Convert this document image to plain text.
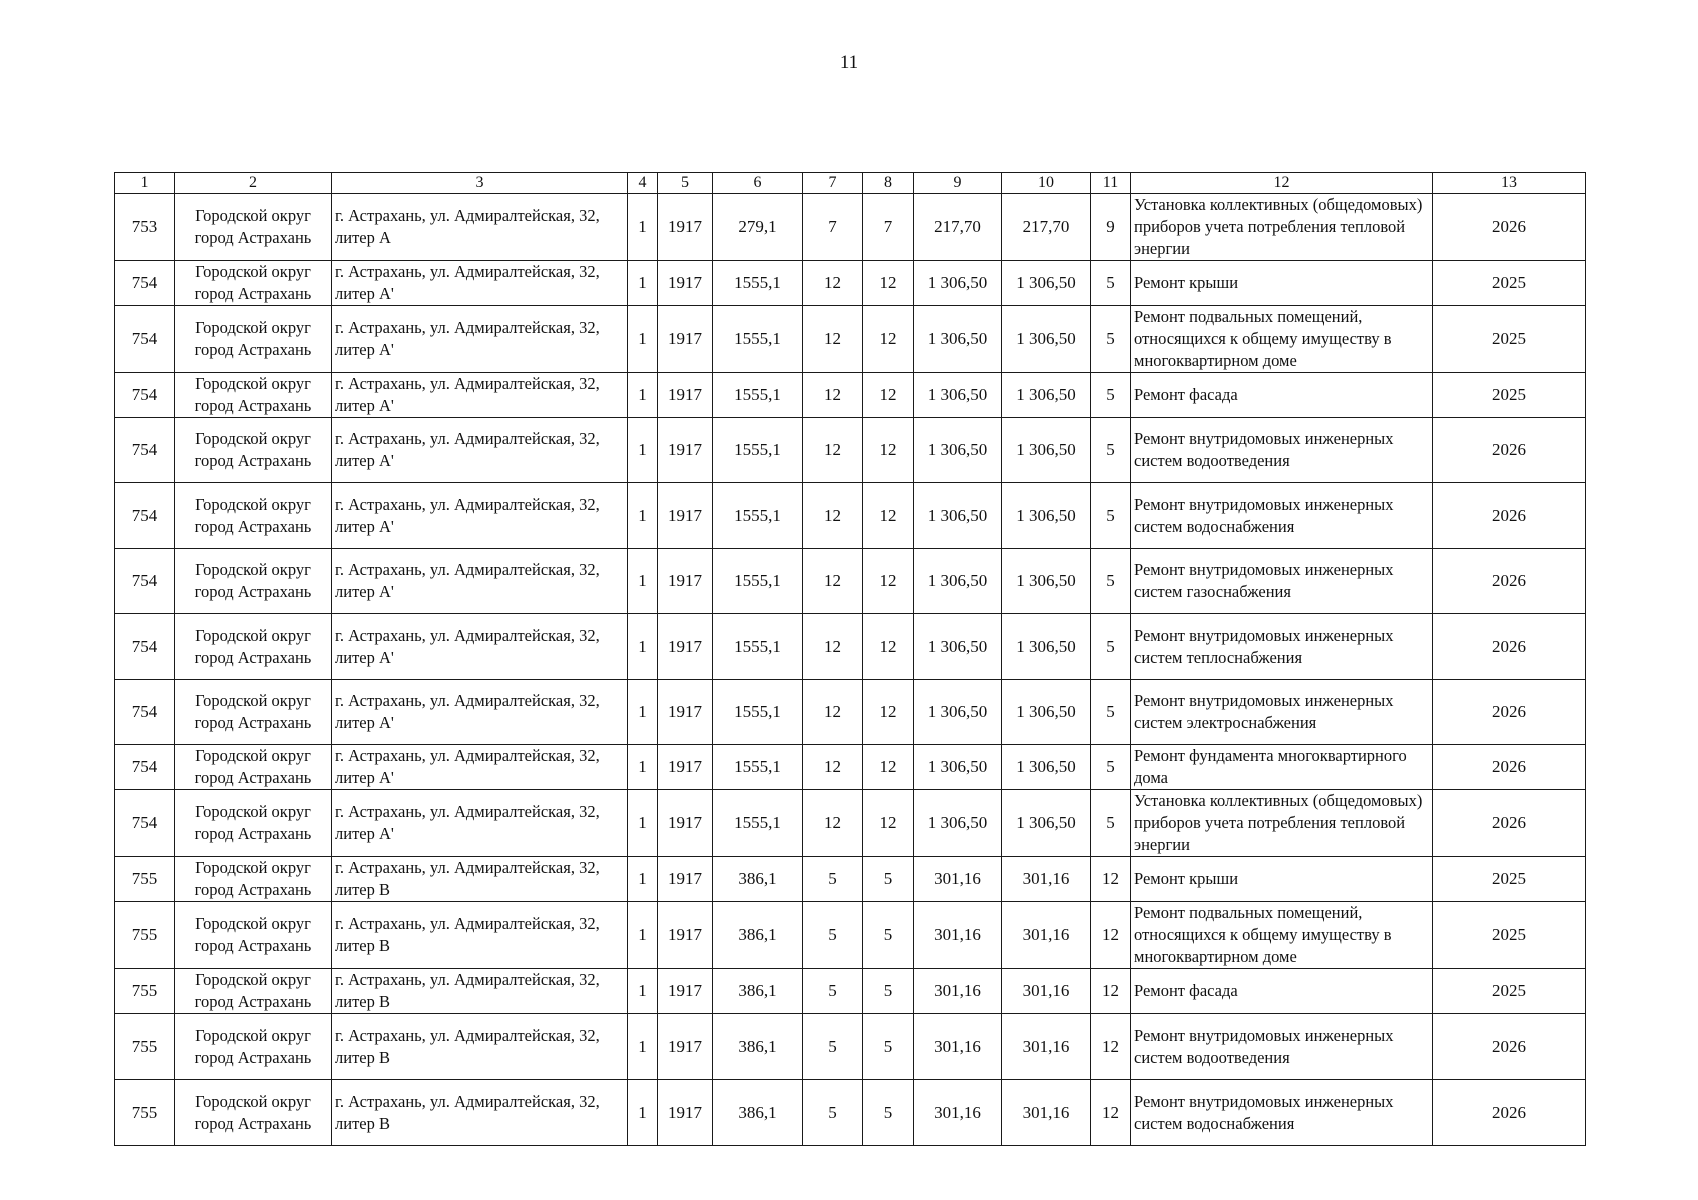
11
1	2	3	4	5	6	7	8	9	10	11	12	13
753	Городской округ город Астрахань	г. Астрахань, ул. Адмиралтейская, 32, литер А	1	1917	279,1	7	7	217,70	217,70	9	Установка коллективных (общедомовых) приборов учета потребления тепловой энергии	2026
754	Городской округ город Астрахань	г. Астрахань, ул. Адмиралтейская, 32, литер А'	1	1917	1555,1	12	12	1 306,50	1 306,50	5	Ремонт крыши	2025
754	Городской округ город Астрахань	г. Астрахань, ул. Адмиралтейская, 32, литер А'	1	1917	1555,1	12	12	1 306,50	1 306,50	5	Ремонт подвальных помещений, относящихся к общему имуществу в многоквартирном доме	2025
754	Городской округ город Астрахань	г. Астрахань, ул. Адмиралтейская, 32, литер А'	1	1917	1555,1	12	12	1 306,50	1 306,50	5	Ремонт фасада	2025
754	Городской округ город Астрахань	г. Астрахань, ул. Адмиралтейская, 32, литер А'	1	1917	1555,1	12	12	1 306,50	1 306,50	5	Ремонт внутридомовых инженерных систем водоотведения	2026
754	Городской округ город Астрахань	г. Астрахань, ул. Адмиралтейская, 32, литер А'	1	1917	1555,1	12	12	1 306,50	1 306,50	5	Ремонт внутридомовых инженерных систем водоснабжения	2026
754	Городской округ город Астрахань	г. Астрахань, ул. Адмиралтейская, 32, литер А'	1	1917	1555,1	12	12	1 306,50	1 306,50	5	Ремонт внутридомовых инженерных систем газоснабжения	2026
754	Городской округ город Астрахань	г. Астрахань, ул. Адмиралтейская, 32, литер А'	1	1917	1555,1	12	12	1 306,50	1 306,50	5	Ремонт внутридомовых инженерных систем теплоснабжения	2026
754	Городской округ город Астрахань	г. Астрахань, ул. Адмиралтейская, 32, литер А'	1	1917	1555,1	12	12	1 306,50	1 306,50	5	Ремонт внутридомовых инженерных систем электроснабжения	2026
754	Городской округ город Астрахань	г. Астрахань, ул. Адмиралтейская, 32, литер А'	1	1917	1555,1	12	12	1 306,50	1 306,50	5	Ремонт фундамента многоквартирного дома	2026
754	Городской округ город Астрахань	г. Астрахань, ул. Адмиралтейская, 32, литер А'	1	1917	1555,1	12	12	1 306,50	1 306,50	5	Установка коллективных (общедомовых) приборов учета потребления тепловой энергии	2026
755	Городской округ город Астрахань	г. Астрахань, ул. Адмиралтейская, 32, литер В	1	1917	386,1	5	5	301,16	301,16	12	Ремонт крыши	2025
755	Городской округ город Астрахань	г. Астрахань, ул. Адмиралтейская, 32, литер В	1	1917	386,1	5	5	301,16	301,16	12	Ремонт подвальных помещений, относящихся к общему имуществу в многоквартирном доме	2025
755	Городской округ город Астрахань	г. Астрахань, ул. Адмиралтейская, 32, литер В	1	1917	386,1	5	5	301,16	301,16	12	Ремонт фасада	2025
755	Городской округ город Астрахань	г. Астрахань, ул. Адмиралтейская, 32, литер В	1	1917	386,1	5	5	301,16	301,16	12	Ремонт внутридомовых инженерных систем водоотведения	2026
755	Городской округ город Астрахань	г. Астрахань, ул. Адмиралтейская, 32, литер В	1	1917	386,1	5	5	301,16	301,16	12	Ремонт внутридомовых инженерных систем водоснабжения	2026
